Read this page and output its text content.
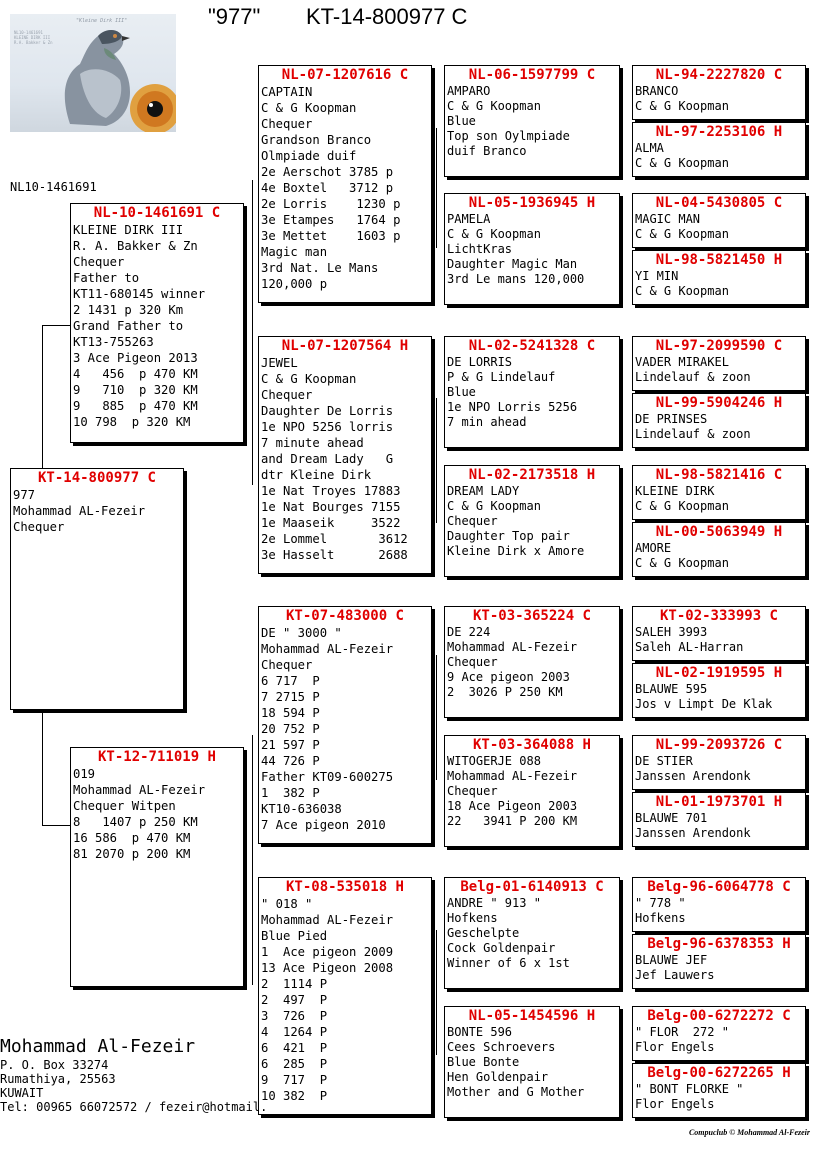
"977" KT-14-800977 C
"Kleine Dirk III"
NL10-1461691
KLEINE DIRK III
R.A. Bakker & Zn
NL10-1461691
KT-14-800977 C
977
Mohammad AL-Fezeir
Chequer
NL-10-1461691 C
KLEINE DIRK III
R. A. Bakker & Zn
Chequer
Father to
KT11-680145 winner
2 1431 p 320 Km
Grand Father to
KT13-755263
3 Ace Pigeon 2013
4   456  p 470 KM
9   710  p 320 KM
9   885  p 470 KM
10 798  p 320 KM
KT-12-711019 H
019
Mohammad AL-Fezeir
Chequer Witpen
8   1407 p 250 KM
16 586  p 470 KM
81 2070 p 200 KM
NL-07-1207616 C
CAPTAIN
C & G Koopman
Chequer
Grandson Branco
Olmpiade duif
2e Aerschot 3785 p
4e Boxtel   3712 p
2e Lorris    1230 p
3e Etampes   1764 p
3e Mettet    1603 p
Magic man
3rd Nat. Le Mans
120,000 p
NL-07-1207564 H
JEWEL
C & G Koopman
Chequer
Daughter De Lorris
1e NPO 5256 lorris
7 minute ahead
and Dream Lady   G
dtr Kleine Dirk
1e Nat Troyes 17883
1e Nat Bourges 7155
1e Maaseik     3522
2e Lommel       3612
3e Hasselt      2688
KT-07-483000 C
DE " 3000 "
Mohammad AL-Fezeir
Chequer
6 717  P
7 2715 P
18 594 P
20 752 P
21 597 P
44 726 P
Father KT09-600275
1  382 P
KT10-636038
7 Ace pigeon 2010
KT-08-535018 H
" 018 "
Mohammad AL-Fezeir
Blue Pied
1  Ace pigeon 2009
13 Ace Pigeon 2008
2  1114 P
2  497  P
3  726  P
4  1264 P
6  421  P
6  285  P
9  717  P
10 382  P
NL-06-1597799 C
AMPARO
C & G Koopman
Blue
Top son Oylmpiade
duif Branco
NL-05-1936945 H
PAMELA
C & G Koopman
LichtKras
Daughter Magic Man
3rd Le mans 120,000
NL-02-5241328 C
DE LORRIS
P & G Lindelauf
Blue
1e NPO Lorris 5256
7 min ahead
NL-02-2173518 H
DREAM LADY
C & G Koopman
Chequer
Daughter Top pair
Kleine Dirk x Amore
KT-03-365224 C
DE 224
Mohammad AL-Fezeir
Chequer
9 Ace pigeon 2003
2  3026 P 250 KM
KT-03-364088 H
WITOGERJE 088
Mohammad AL-Fezeir
Chequer
18 Ace Pigeon 2003
22   3941 P 200 KM
Belg-01-6140913 C
ANDRE " 913 "
Hofkens
Geschelpte
Cock Goldenpair
Winner of 6 x 1st
NL-05-1454596 H
BONTE 596
Cees Schroevers
Blue Bonte
Hen Goldenpair
Mother and G Mother
NL-94-2227820 C
BRANCO
C & G Koopman
NL-97-2253106 H
ALMA
C & G Koopman
NL-04-5430805 C
MAGIC MAN
C & G Koopman
NL-98-5821450 H
YI MIN
C & G Koopman
NL-97-2099590 C
VADER MIRAKEL
Lindelauf & zoon
NL-99-5904246 H
DE PRINSES
Lindelauf & zoon
NL-98-5821416 C
KLEINE DIRK
C & G Koopman
NL-00-5063949 H
AMORE
C & G Koopman
KT-02-333993 C
SALEH 3993
Saleh AL-Harran
NL-02-1919595 H
BLAUWE 595
Jos v Limpt De Klak
NL-99-2093726 C
DE STIER
Janssen Arendonk
NL-01-1973701 H
BLAUWE 701
Janssen Arendonk
Belg-96-6064778 C
" 778 "
Hofkens
Belg-96-6378353 H
BLAUWE JEF
Jef Lauwers
Belg-00-6272272 C
" FLOR  272 "
Flor Engels
Belg-00-6272265 H
" BONT FLORKE "
Flor Engels
Mohammad Al-Fezeir
P. O. Box 33274
Rumathiya, 25563
KUWAIT
Tel: 00965 66072572 / fezeir@hotmail.
Compuclub © Mohammad Al-Fezeir
